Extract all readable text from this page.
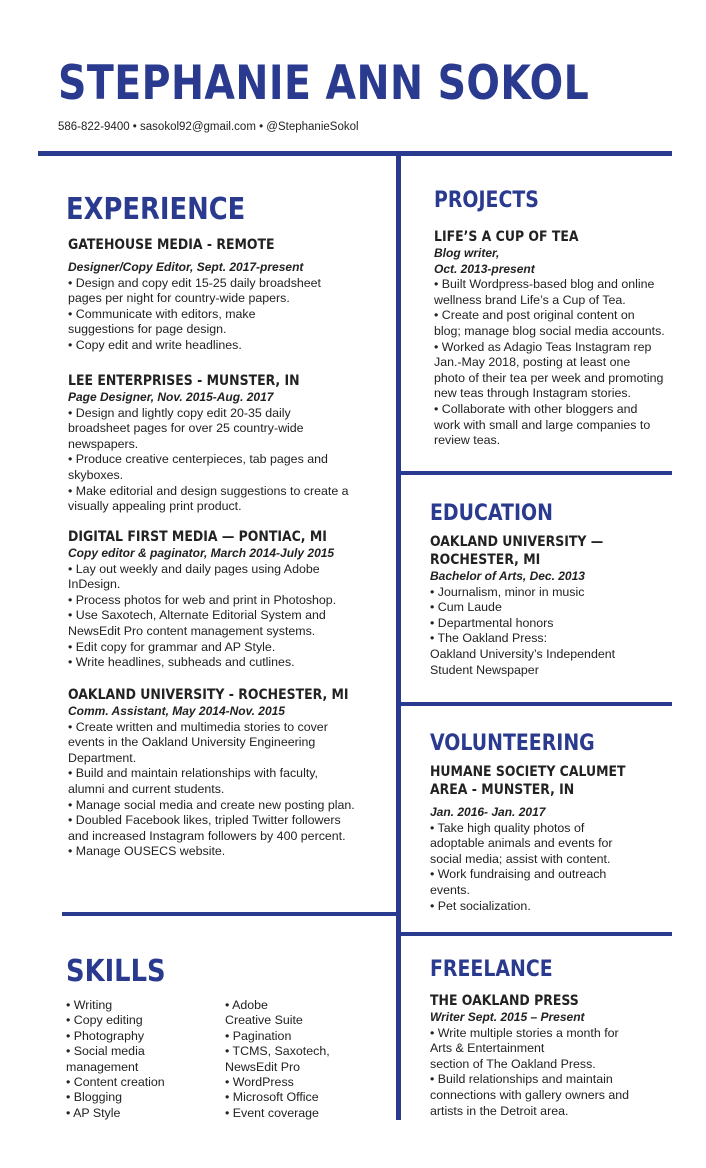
STEPHANIE ANN SOKOL
586-822-9400 • sasokol92@gmail.com • @StephanieSokol
EXPERIENCE
GATEHOUSE MEDIA - REMOTE
Designer/Copy Editor, Sept. 2017-present
• Design and copy edit 15-25 daily broadsheet
pages per night for country-wide papers.
• Communicate with editors, make
suggestions for page design.
• Copy edit and write headlines.
LEE ENTERPRISES - MUNSTER, IN
Page Designer, Nov. 2015-Aug. 2017
• Design and lightly copy edit 20-35 daily
broadsheet pages for over 25 country-wide
newspapers.
• Produce creative centerpieces, tab pages and
skyboxes.
• Make editorial and design suggestions to create a
visually appealing print product.
DIGITAL FIRST MEDIA — PONTIAC, MI
Copy editor & paginator, March 2014-July 2015
• Lay out weekly and daily pages using Adobe
InDesign.
• Process photos for web and print in Photoshop.
• Use Saxotech, Alternate Editorial System and
NewsEdit Pro content management systems.
• Edit copy for grammar and AP Style.
• Write headlines, subheads and cutlines.
OAKLAND UNIVERSITY - ROCHESTER, MI
Comm. Assistant, May 2014-Nov. 2015
• Create written and multimedia stories to cover
events in the Oakland University Engineering
Department.
• Build and maintain relationships with faculty,
alumni and current students.
• Manage social media and create new posting plan.
• Doubled Facebook likes, tripled Twitter followers
and increased Instagram followers by 400 percent.
• Manage OUSECS website.
PROJECTS
LIFE’S A CUP OF TEA
Blog writer,
Oct. 2013-present
• Built Wordpress-based blog and online
wellness brand Life’s a Cup of Tea.
• Create and post original content on
blog; manage blog social media accounts.
• Worked as Adagio Teas Instagram rep
Jan.-May 2018, posting at least one
photo of their tea per week and promoting
new teas through Instagram stories.
• Collaborate with other bloggers and
work with small and large companies to
review teas.
EDUCATION
OAKLAND UNIVERSITY —
ROCHESTER, MI
Bachelor of Arts, Dec. 2013
• Journalism, minor in music
• Cum Laude
• Departmental honors
• The Oakland Press:
Oakland University’s Independent
Student Newspaper
VOLUNTEERING
HUMANE SOCIETY CALUMET
AREA - MUNSTER, IN
Jan. 2016- Jan. 2017
• Take high quality photos of
adoptable animals and events for
social media; assist with content.
• Work fundraising and outreach
events.
• Pet socialization.
SKILLS
• Writing
• Copy editing
• Photography
• Social media
management
• Content creation
• Blogging
• AP Style
• Adobe
Creative Suite
• Pagination
• TCMS, Saxotech,
NewsEdit Pro
• WordPress
• Microsoft Office
• Event coverage
FREELANCE
THE OAKLAND PRESS
Writer Sept. 2015 – Present
• Write multiple stories a month for
Arts & Entertainment
section of The Oakland Press.
• Build relationships and maintain
connections with gallery owners and
artists in the Detroit area.
